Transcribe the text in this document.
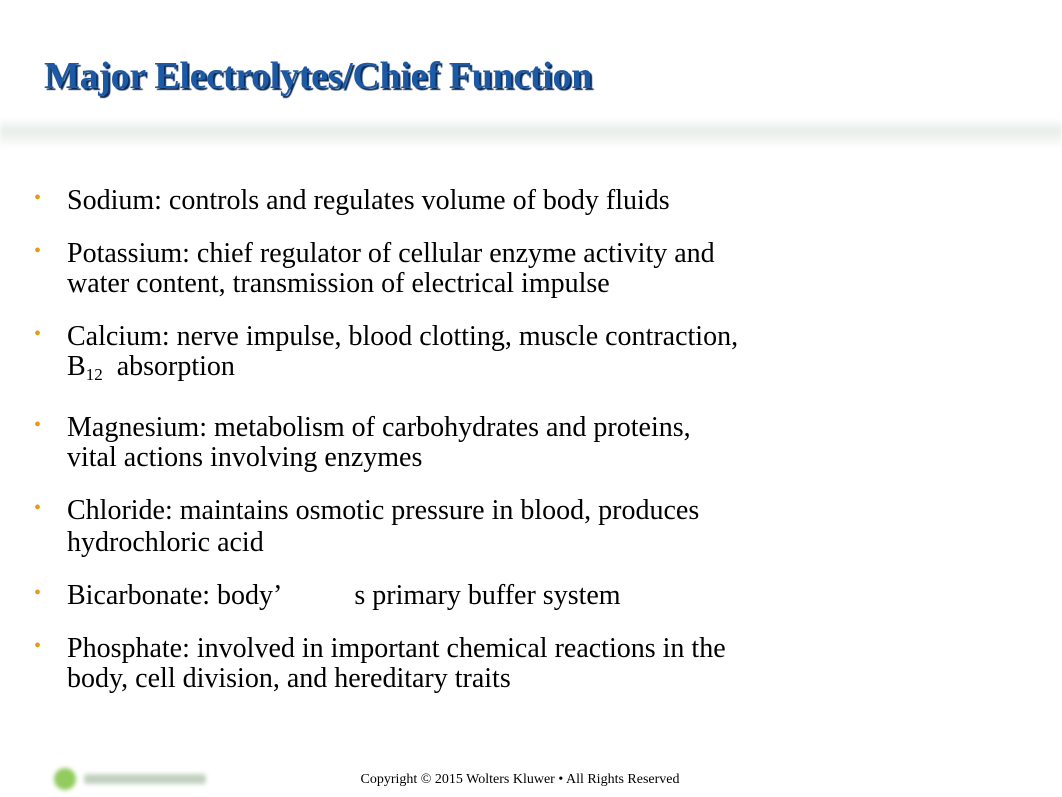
Major Electrolytes/Chief Function
• Sodium: controls and regulates volume of body fluids
• Potassium: chief regulator of cellular enzyme activity and
water content, transmission of electrical impulse
• Calcium: nerve impulse, blood clotting, muscle contraction,
$B_{12}$ absorption
• Magnesium: metabolism of carbohydrates and proteins,
vital actions involving enzymes
• Chloride: maintains osmotic pressure in blood, produces
hydrochloric acid
• Bicarbonate: body’	s primary buffer system
• Phosphate: involved in important chemical reactions in the
body, cell division, and hereditary traits
Copyright © 2015 Wolters Kluwer • All Rights Reserved
